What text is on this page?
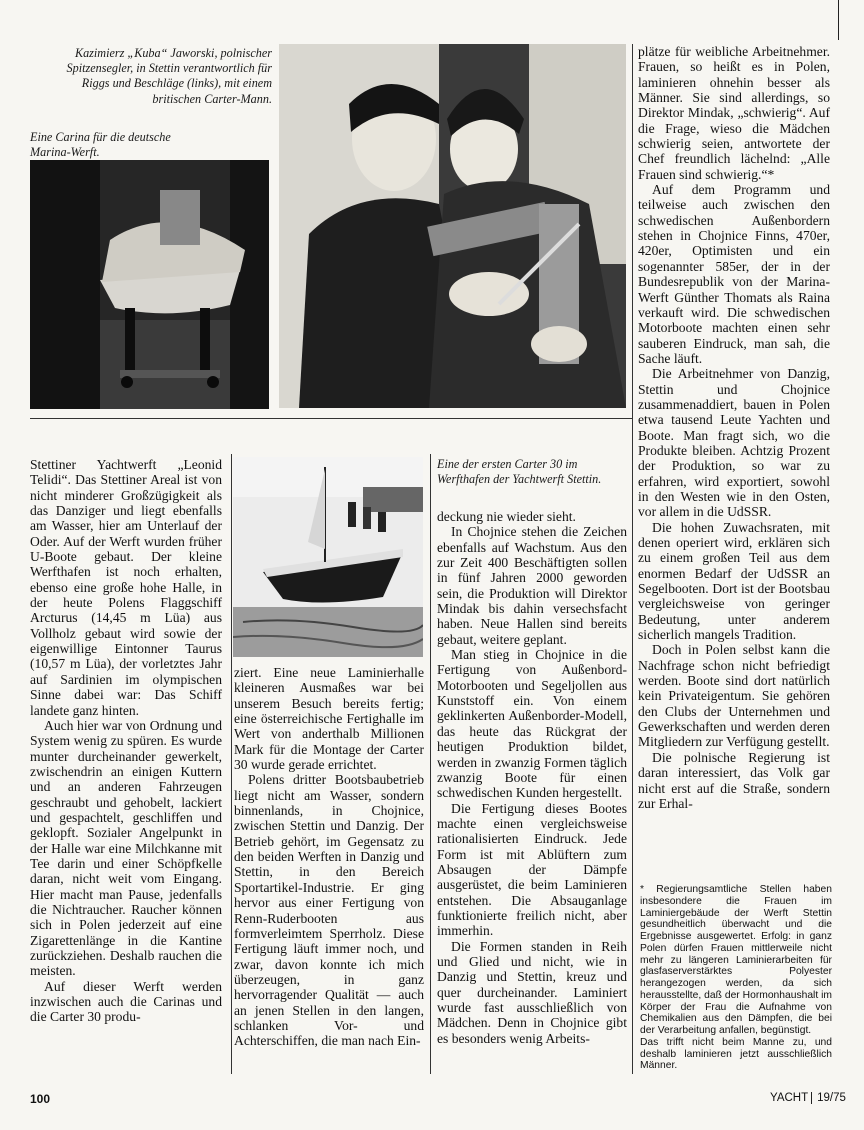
Kazimierz „Kuba“ Jaworski, polnischer Spitzensegler, in Stettin verantwortlich für Riggs und Beschläge (links), mit einem britischen Carter-Mann.
Eine Carina für die deutsche Marina-Werft.
Eine der ersten Carter 30 im Werfthafen der Yachtwerft Stettin.

plätze für weibliche Arbeitnehmer. Frauen, so heißt es in Polen, laminieren ohnehin besser als Männer. Sie sind allerdings, so Direktor Mindak, „schwierig“. Auf die Frage, wieso die Mädchen schwierig seien, antwortete der Chef freundlich lächelnd: „Alle Frauen sind schwierig.“*

Auf dem Programm und teilweise auch zwischen den schwedischen Außenbordern stehen in Chojnice Finns, 470er, 420er, Optimisten und ein sogenannter 585er, der in der Bundesrepublik von der Marina-Werft Günther Thomats als Raina verkauft wird. Die schwedischen Motorboote machten einen sehr sauberen Eindruck, man sah, die Sache läuft.

Die Arbeitnehmer von Danzig, Stettin und Chojnice zusammenaddiert, bauen in Polen etwa tausend Leute Yachten und Boote. Man fragt sich, wo die Produkte bleiben. Achtzig Prozent der Produktion, so war zu erfahren, wird exportiert, sowohl in den Westen wie in den Osten, vor allem in die UdSSR.

Die hohen Zuwachsraten, mit denen operiert wird, erklären sich zu einem großen Teil aus dem enormen Bedarf der UdSSR an Segelbooten. Dort ist der Bootsbau vergleichsweise von geringer Bedeutung, unter anderem sicherlich mangels Tradition.

Doch in Polen selbst kann die Nachfrage schon nicht befriedigt werden. Boote sind dort natürlich kein Privateigentum. Sie gehören den Clubs der Unternehmen und Gewerkschaften und werden deren Mitgliedern zur Verfügung gestellt.

Die polnische Regierung ist daran interessiert, das Volk gar nicht erst auf die Straße, sondern zur Erhal-

* Regierungsamtliche Stellen haben insbesondere die Frauen im Laminiergebäude der Werft Stettin gesundheitlich überwacht und die Ergebnisse ausgewertet. Erfolg: in ganz Polen dürfen Frauen mittlerweile nicht mehr zu längeren Laminierarbeiten für glasfaserverstärktes Polyester herangezogen werden, da sich herausstellte, daß der Hormonhaushalt im Körper der Frau die Aufnahme von Chemikalien aus den Dämpfen, die bei der Verarbeitung anfallen, begünstigt.

Das trifft nicht beim Manne zu, und deshalb laminieren jetzt ausschließlich Männer.

Stettiner Yachtwerft „Leonid Telidi“. Das Stettiner Areal ist von nicht minderer Großzügigkeit als das Danziger und liegt ebenfalls am Wasser, hier am Unterlauf der Oder. Auf der Werft wurden früher U-Boote gebaut. Der kleine Werfthafen ist noch erhalten, ebenso eine große hohe Halle, in der heute Polens Flaggschiff Arcturus (14,45 m Lüa) aus Vollholz gebaut wird sowie der eigenwillige Eintonner Taurus (10,57 m Lüa), der vorletztes Jahr auf Sardinien im olympischen Sinne dabei war: Das Schiff landete ganz hinten.

Auch hier war von Ordnung und System wenig zu spüren. Es wurde munter durcheinander gewerkelt, zwischendrin an einigen Kuttern und an anderen Fahrzeugen geschraubt und gehobelt, lackiert und gespachtelt, geschliffen und geklopft. Sozialer Angelpunkt in der Halle war eine Milchkanne mit Tee darin und einer Schöpfkelle daran, nicht weit vom Eingang. Hier macht man Pause, jedenfalls die Nichtraucher. Raucher können sich in Polen jederzeit auf eine Zigarettenlänge in die Kantine zurückziehen. Deshalb rauchen die meisten.

Auf dieser Werft werden inzwischen auch die Carinas und die Carter 30 produ-

ziert. Eine neue Laminierhalle kleineren Ausmaßes war bei unserem Besuch bereits fertig; eine österreichische Fertighalle im Wert von anderthalb Millionen Mark für die Montage der Carter 30 wurde gerade errichtet.

Polens dritter Bootsbaubetrieb liegt nicht am Wasser, sondern binnenlands, in Chojnice, zwischen Stettin und Danzig. Der Betrieb gehört, im Gegensatz zu den beiden Werften in Danzig und Stettin, in den Bereich Sportartikel-Industrie. Er ging hervor aus einer Fertigung von Renn-Ruderbooten aus formverleimtem Sperrholz. Diese Fertigung läuft immer noch, und zwar, davon konnte ich mich überzeugen, in ganz hervorragender Qualität — auch an jenen Stellen in den langen, schlanken Vor- und Achterschiffen, die man nach Ein-

deckung nie wieder sieht.

In Chojnice stehen die Zeichen ebenfalls auf Wachstum. Aus den zur Zeit 400 Beschäftigten sollen in fünf Jahren 2000 geworden sein, die Produktion will Direktor Mindak bis dahin versechsfacht haben. Neue Hallen sind bereits gebaut, weitere geplant.

Man stieg in Chojnice in die Fertigung von Außenbord-Motorbooten und Segeljollen aus Kunststoff ein. Von einem geklinkerten Außenborder-Modell, das heute das Rückgrat der heutigen Produktion bildet, werden in zwanzig Formen täglich zwanzig Boote für einen schwedischen Kunden hergestellt.

Die Fertigung dieses Bootes machte einen vergleichsweise rationalisierten Eindruck. Jede Form ist mit Ablüftern zum Absaugen der Dämpfe ausgerüstet, die beim Laminieren entstehen. Die Absauganlage funktionierte freilich nicht, aber immerhin.

Die Formen standen in Reih und Glied und nicht, wie in Danzig und Stettin, kreuz und quer durcheinander. Laminiert wurde fast ausschließlich von Mädchen. Denn in Chojnice gibt es besonders wenig Arbeits-

100	YACHT 19/75
